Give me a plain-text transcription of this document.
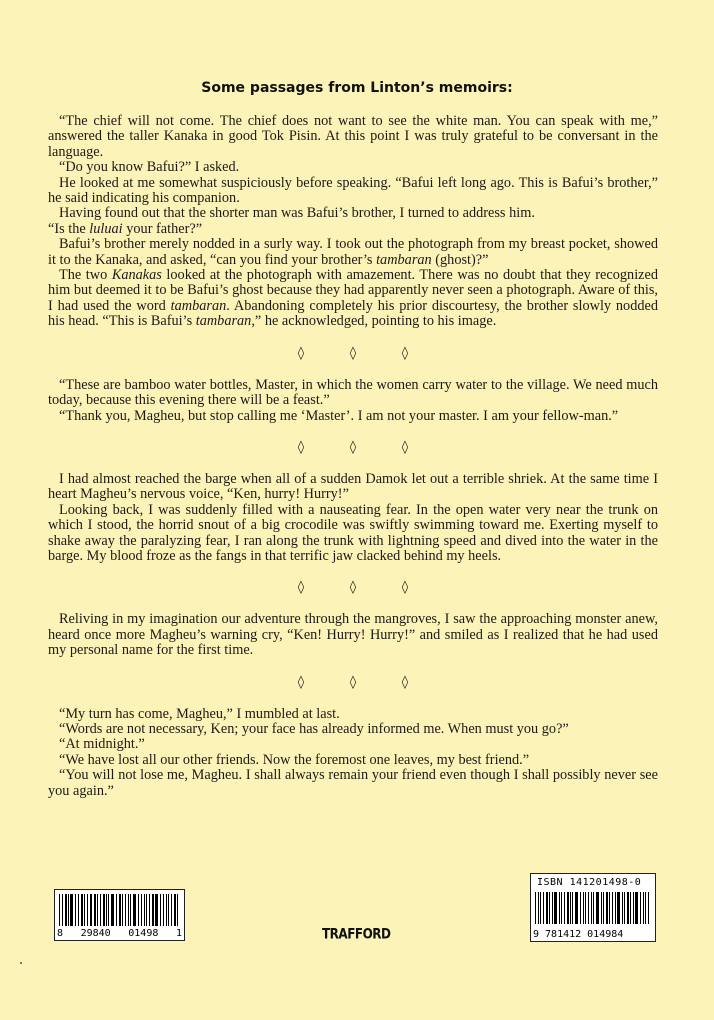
Some passages from Linton’s memoirs:

“The chief will not come. The chief does not want to see the white man. You can speak with me,” answered the taller Kanaka in good Tok Pisin. At this point I was truly grateful to be conversant in the language.

“Do you know Bafui?” I asked.

He looked at me somewhat suspiciously before speaking. “Bafui left long ago. This is Bafui’s brother,” he said indicating his companion.

Having found out that the shorter man was Bafui’s brother, I turned to address him.

“Is the luluai your father?”

Bafui’s brother merely nodded in a surly way. I took out the photograph from my breast pocket, showed it to the Kanaka, and asked, “can you find your brother’s tambaran (ghost)?”

The two Kanakas looked at the photograph with amazement. There was no doubt that they recognized him but deemed it to be Bafui’s ghost because they had apparently never seen a photograph. Aware of this, I had used the word tambaran. Abandoning completely his prior discourtesy, the brother slowly nodded his head. “This is Bafui’s tambaran,” he acknowledged, pointing to his image.

◊	◊	◊

“These are bamboo water bottles, Master, in which the women carry water to the village. We need much today, because this evening there will be a feast.”

“Thank you, Magheu, but stop calling me ‘Master’. I am not your master. I am your fellow-man.”

◊	◊	◊

I had almost reached the barge when all of a sudden Damok let out a terrible shriek. At the same time I heart Magheu’s nervous voice, “Ken, hurry! Hurry!”

Looking back, I was suddenly filled with a nauseating fear. In the open water very near the trunk on which I stood, the horrid snout of a big crocodile was swiftly swimming toward me. Exerting myself to shake away the paralyzing fear, I ran along the trunk with lightning speed and dived into the water in the barge. My blood froze as the fangs in that terrific jaw clacked behind my heels.

◊	◊	◊

Reliving in my imagination our adventure through the mangroves, I saw the approaching monster anew, heard once more Magheu’s warning cry, “Ken! Hurry! Hurry!” and smiled as I realized that he had used my personal name for the first time.

◊	◊	◊

“My turn has come, Magheu,” I mumbled at last.

“Words are not necessary, Ken; your face has already informed me. When must you go?”

“At midnight.”

“We have lost all our other friends. Now the foremost one leaves, my best friend.”

“You will not lose me, Magheu. I shall always remain your friend even though I shall possibly never see you again.”

8 29840 01498 1	TRAFFORD
ISBN 141201498-0
9 781412 014984
